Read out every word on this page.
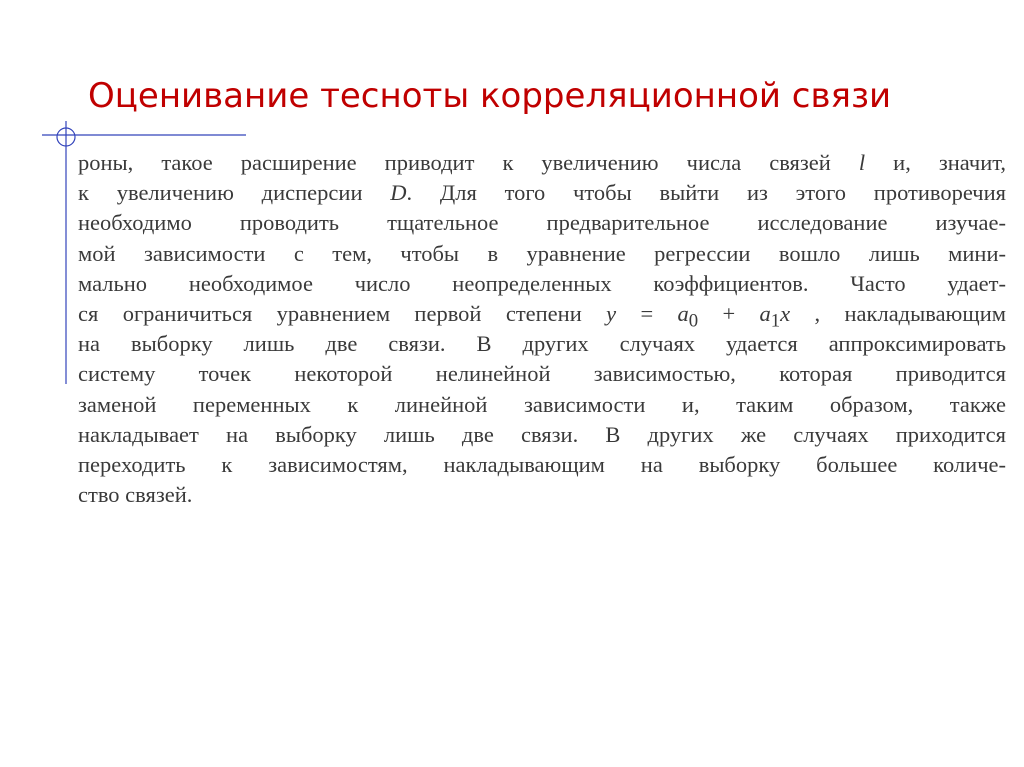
Оценивание тесноты корреляционной связи
роны, такое расширение приводит к увеличению числа связей l и, значит,
к увеличению дисперсии D. Для того чтобы выйти из этого противоречия
необходимо проводить тщательное предварительное исследование изучае-
мой зависимости с тем, чтобы в уравнение регрессии вошло лишь мини-
мально необходимое число неопределенных коэффициентов. Часто удает-
ся ограничиться уравнением первой степени $y = a_0 + a_1x$ , накладывающим
на выборку лишь две связи. В других случаях удается аппроксимировать
систему точек некоторой нелинейной зависимостью, которая приводится
заменой переменных к линейной зависимости и, таким образом, также
накладывает на выборку лишь две связи. В других же случаях приходится
переходить к зависимостям, накладывающим на выборку большее количе-
ство связей.
